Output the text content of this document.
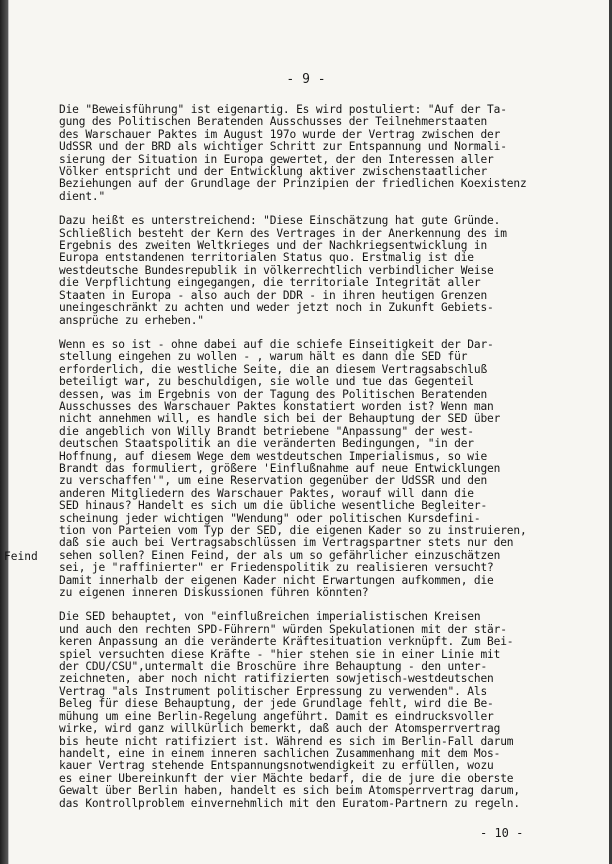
- 9 -

Die "Beweisführung" ist eigenartig. Es wird postuliert: "Auf der Ta-
gung des Politischen Beratenden Ausschusses der Teilnehmerstaaten
des Warschauer Paktes im August 197o wurde der Vertrag zwischen der
UdSSR und der BRD als wichtiger Schritt zur Entspannung und Normali-
sierung der Situation in Europa gewertet, der den Interessen aller
Völker entspricht und der Entwicklung aktiver zwischenstaatlicher
Beziehungen auf der Grundlage der Prinzipien der friedlichen Koexistenz
dient."

Dazu heißt es unterstreichend: "Diese Einschätzung hat gute Gründe.
Schließlich besteht der Kern des Vertrages in der Anerkennung des im
Ergebnis des zweiten Weltkrieges und der Nachkriegsentwicklung in
Europa entstandenen territorialen Status quo. Erstmalig ist die
westdeutsche Bundesrepublik in völkerrechtlich verbindlicher Weise
die Verpflichtung eingegangen, die territoriale Integrität aller
Staaten in Europa - also auch der DDR - in ihren heutigen Grenzen
uneingeschränkt zu achten und weder jetzt noch in Zukunft Gebiets-
ansprüche zu erheben."

Wenn es so ist - ohne dabei auf die schiefe Einseitigkeit der Dar-
stellung eingehen zu wollen - , warum hält es dann die SED für
erforderlich, die westliche Seite, die an diesem Vertragsabschluß
beteiligt war, zu beschuldigen, sie wolle und tue das Gegenteil
dessen, was im Ergebnis von der Tagung des Politischen Beratenden
Ausschusses des Warschauer Paktes konstatiert worden ist? Wenn man
nicht annehmen will, es handle sich bei der Behauptung der SED über
die angeblich von Willy Brandt betriebene "Anpassung" der west-
deutschen Staatspolitik an die veränderten Bedingungen, "in der
Hoffnung, auf diesem Wege dem westdeutschen Imperialismus, so wie
Brandt das formuliert, größere 'Einflußnahme auf neue Entwicklungen
zu verschaffen'", um eine Reservation gegenüber der UdSSR und den
anderen Mitgliedern des Warschauer Paktes, worauf will dann die
SED hinaus? Handelt es sich um die übliche wesentliche Begleiter-
scheinung jeder wichtigen "Wendung" oder politischen Kursdefini-
tion von Parteien vom Typ der SED, die eigenen Kader so zu instruieren,
daß sie auch bei Vertragsabschlüssen im Vertragspartner stets nur den
sehen sollen? Einen Feind, der als um so gefährlicher einzuschätzen
sei, je "raffinierter" er Friedenspolitik zu realisieren versucht?
Damit innerhalb der eigenen Kader nicht Erwartungen aufkommen, die
zu eigenen inneren Diskussionen führen könnten?

Die SED behauptet, von "einflußreichen imperialistischen Kreisen
und auch den rechten SPD-Führern" würden Spekulationen mit der stär-
keren Anpassung an die veränderte Kräftesituation verknüpft. Zum Bei-
spiel versuchten diese Kräfte - "hier stehen sie in einer Linie mit
der CDU/CSU",untermalt die Broschüre ihre Behauptung - den unter-
zeichneten, aber noch nicht ratifizierten sowjetisch-westdeutschen
Vertrag "als Instrument politischer Erpressung zu verwenden". Als
Beleg für diese Behauptung, der jede Grundlage fehlt, wird die Be-
mühung um eine Berlin-Regelung angeführt. Damit es eindrucksvoller
wirke, wird ganz willkürlich bemerkt, daß auch der Atomsperrvertrag
bis heute nicht ratifiziert ist. Während es sich im Berlin-Fall darum
handelt, eine in einem inneren sachlichen Zusammenhang mit dem Mos-
kauer Vertrag stehende Entspannungsnotwendigkeit zu erfüllen, wozu
es einer Übereinkunft der vier Mächte bedarf, die de jure die oberste
Gewalt über Berlin haben, handelt es sich beim Atomsperrvertrag darum,
das Kontrollproblem einvernehmlich mit den Euratom-Partnern zu regeln.

Feind
- 10 -
